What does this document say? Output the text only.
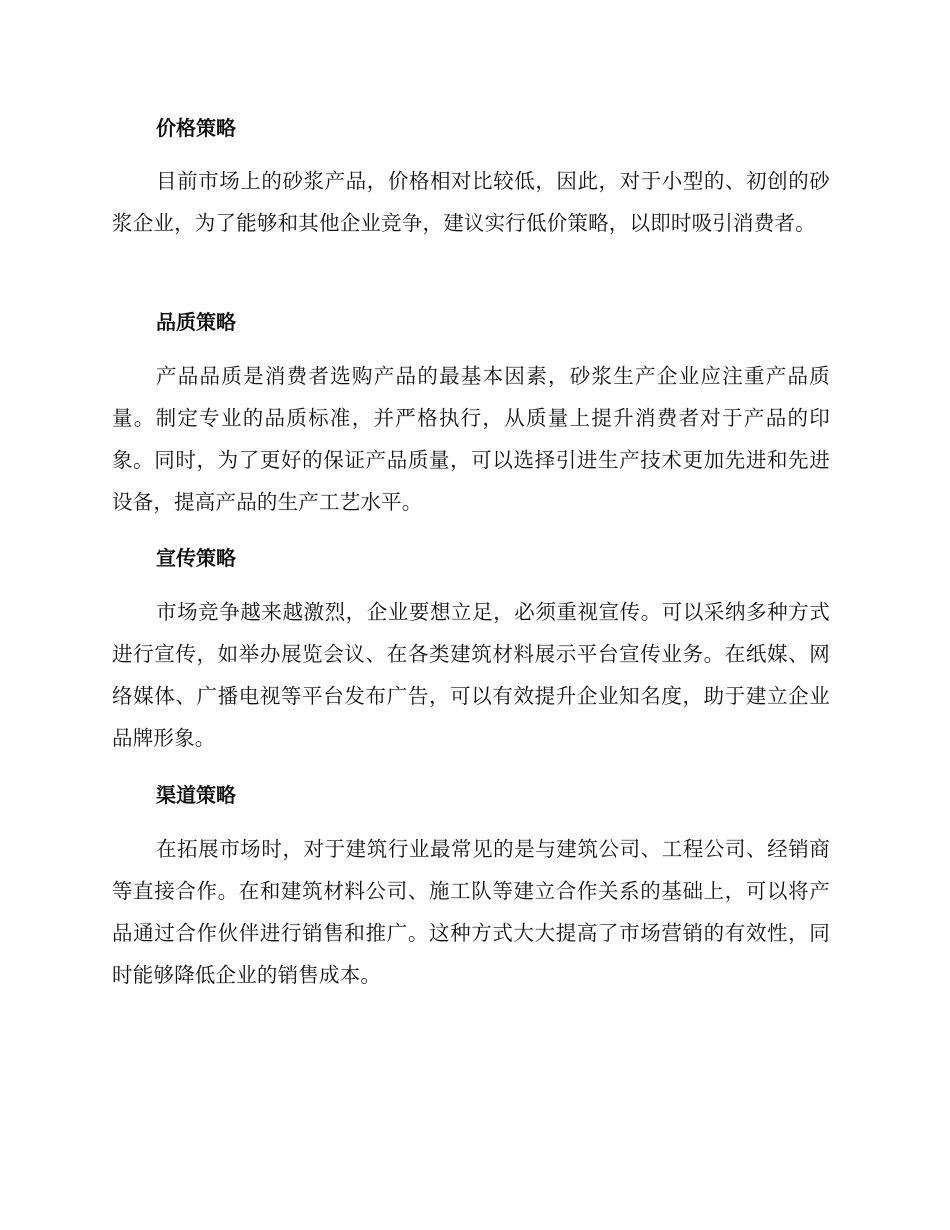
价格策略

目前市场上的砂浆产品，价格相对比较低，因此，对于小型的、初创的砂浆企业，为了能够和其他企业竞争，建议实行低价策略，以即时吸引消费者。

品质策略

产品品质是消费者选购产品的最基本因素，砂浆生产企业应注重产品质量。制定专业的品质标准，并严格执行，从质量上提升消费者对于产品的印象。同时，为了更好的保证产品质量，可以选择引进生产技术更加先进和先进设备，提高产品的生产工艺水平。

宣传策略

市场竞争越来越激烈，企业要想立足，必须重视宣传。可以采纳多种方式进行宣传，如举办展览会议、在各类建筑材料展示平台宣传业务。在纸媒、网络媒体、广播电视等平台发布广告，可以有效提升企业知名度，助于建立企业品牌形象。

渠道策略

在拓展市场时，对于建筑行业最常见的是与建筑公司、工程公司、经销商等直接合作。在和建筑材料公司、施工队等建立合作关系的基础上，可以将产品通过合作伙伴进行销售和推广。这种方式大大提高了市场营销的有效性，同时能够降低企业的销售成本。
